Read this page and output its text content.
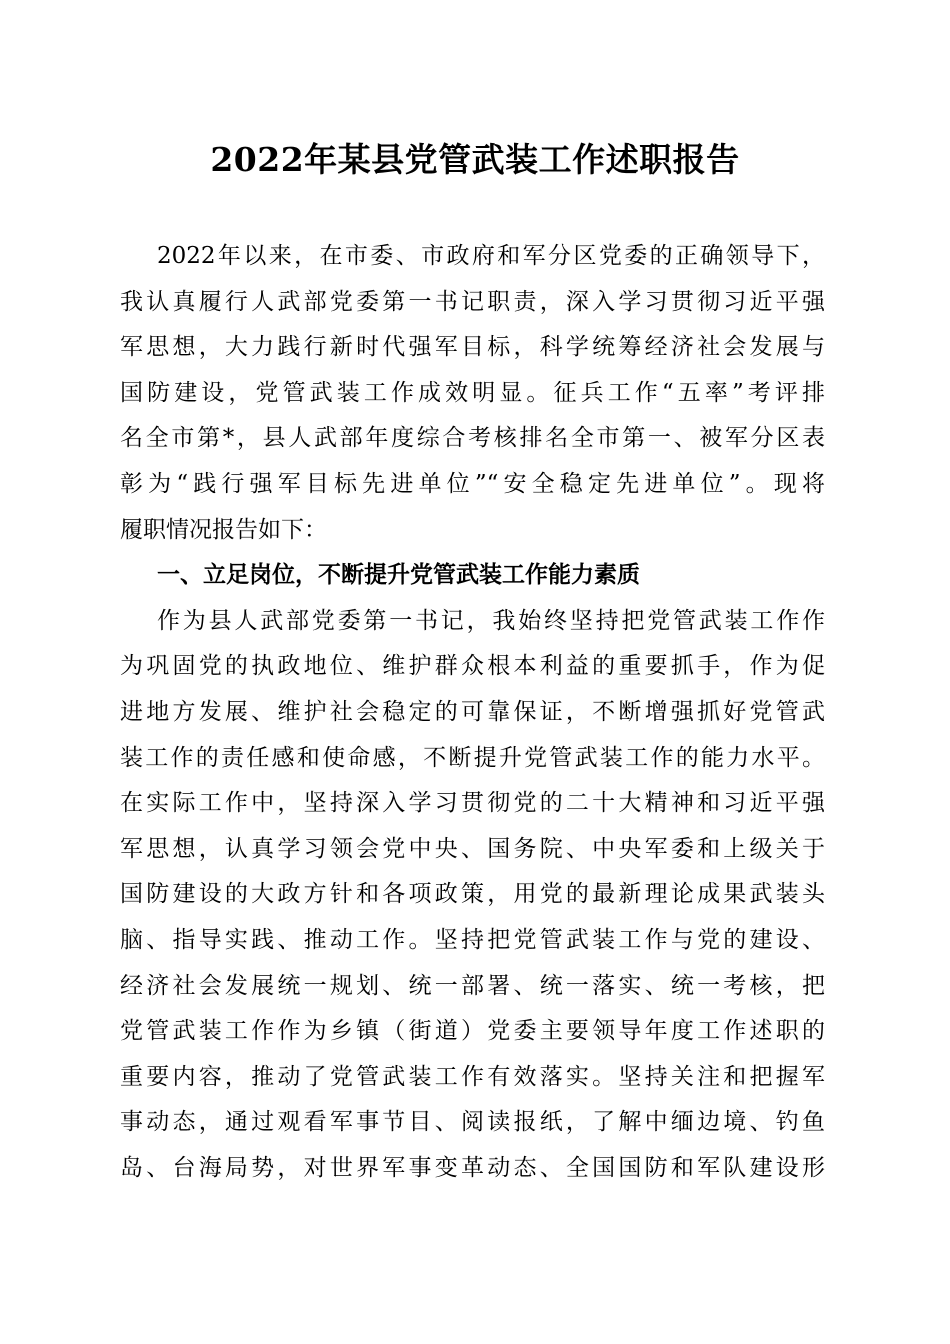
2022年某县党管武装工作述职报告
2022年以来，在市委、市政府和军分区党委的正确领导下，
我认真履行人武部党委第一书记职责，深入学习贯彻习近平强
军思想，大力践行新时代强军目标，科学统筹经济社会发展与
国防建设，党管武装工作成效明显。征兵工作“五率”考评排
名全市第*，县人武部年度综合考核排名全市第一、被军分区表
彰为“践行强军目标先进单位”“安全稳定先进单位”。现将
履职情况报告如下：
一、立足岗位，不断提升党管武装工作能力素质
作为县人武部党委第一书记，我始终坚持把党管武装工作作
为巩固党的执政地位、维护群众根本利益的重要抓手，作为促
进地方发展、维护社会稳定的可靠保证，不断增强抓好党管武
装工作的责任感和使命感，不断提升党管武装工作的能力水平。
在实际工作中，坚持深入学习贯彻党的二十大精神和习近平强
军思想，认真学习领会党中央、国务院、中央军委和上级关于
国防建设的大政方针和各项政策，用党的最新理论成果武装头
脑、指导实践、推动工作。坚持把党管武装工作与党的建设、
经济社会发展统一规划、统一部署、统一落实、统一考核，把
党管武装工作作为乡镇（街道）党委主要领导年度工作述职的
重要内容，推动了党管武装工作有效落实。坚持关注和把握军
事动态，通过观看军事节目、阅读报纸，了解中缅边境、钓鱼
岛、台海局势，对世界军事变革动态、全国国防和军队建设形
